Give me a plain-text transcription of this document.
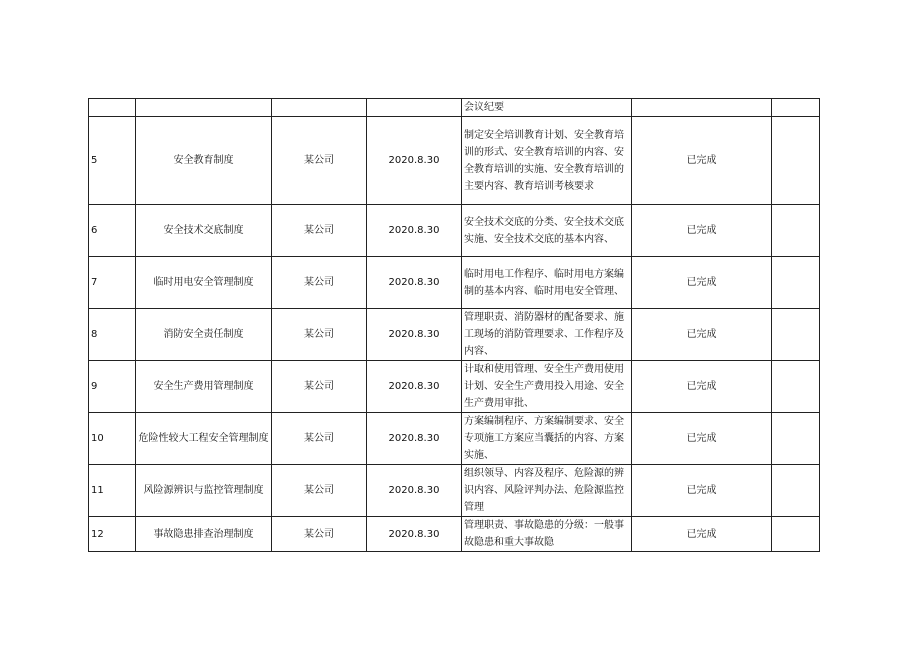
				会议纪要		
5	安全教育制度	某公司	2020.8.30	制定安全培训教育计划、安全教育培训的形式、安全教育培训的内容、安全教育培训的实施、安全教育培训的主要内容、教育培训考核要求	已完成	
6	安全技术交底制度	某公司	2020.8.30	安全技术交底的分类、安全技术交底实施、安全技术交底的基本内容、	已完成	
7	临时用电安全管理制度	某公司	2020.8.30	临时用电工作程序、临时用电方案编制的基本内容、临时用电安全管理、	已完成	
8	消防安全责任制度	某公司	2020.8.30	管理职责、消防器材的配备要求、施工现场的消防管理要求、工作程序及内容、	已完成	
9	安全生产费用管理制度	某公司	2020.8.30	计取和使用管理、安全生产费用使用计划、安全生产费用投入用途、安全生产费用审批、	已完成	
10	危险性较大工程安全管理制度	某公司	2020.8.30	方案编制程序、方案编制要求、安全专项施工方案应当囊括的内容、方案实施、	已完成	
11	风险源辨识与监控管理制度	某公司	2020.8.30	组织领导、内容及程序、危险源的辨识内容、风险评判办法、危险源监控管理	已完成	
12	事故隐患排查治理制度	某公司	2020.8.30	管理职责、事故隐患的分级：一般事故隐患和重大事故隐	已完成	
